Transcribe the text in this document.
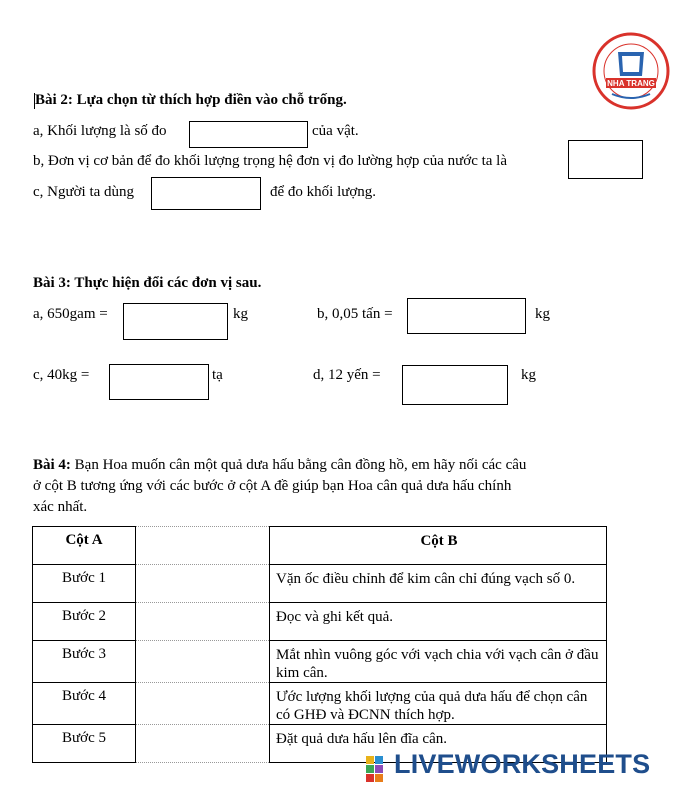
NHA TRANG
Bài 2: Lựa chọn từ thích hợp điền vào chỗ trống.
a, Khối lượng là số đo	của vật.
b, Đơn vị cơ bản để đo khối lượng trọng hệ đơn vị đo lường hợp của nước ta là
c, Người ta dùng	để đo khối lượng.
Bài 3: Thực hiện đổi các đơn vị sau.
a, 650gam =	kg	b, 0,05 tấn =	kg
c, 40kg =	tạ	d, 12 yến =	kg
Bài 4: Bạn Hoa muốn cân một quả dưa hấu bằng cân đồng hồ, em hãy nối các câu
ở cột B tương ứng với các bước ở cột A đề giúp bạn Hoa cân quả dưa hấu chính
xác nhất.
Cột A		Cột B
Bước 1		Vặn ốc điều chỉnh để kim cân chỉ đúng vạch số 0.
Bước 2		Đọc và ghi kết quả.
Bước 3		Mắt nhìn vuông góc với vạch chia với vạch cân ở đầu kim cân.
Bước 4		Ước lượng khối lượng của quả dưa hấu để chọn cân có GHĐ và ĐCNN thích hợp.
Bước 5		Đặt quả dưa hấu lên đĩa cân.
LIVEWORKSHEETS
